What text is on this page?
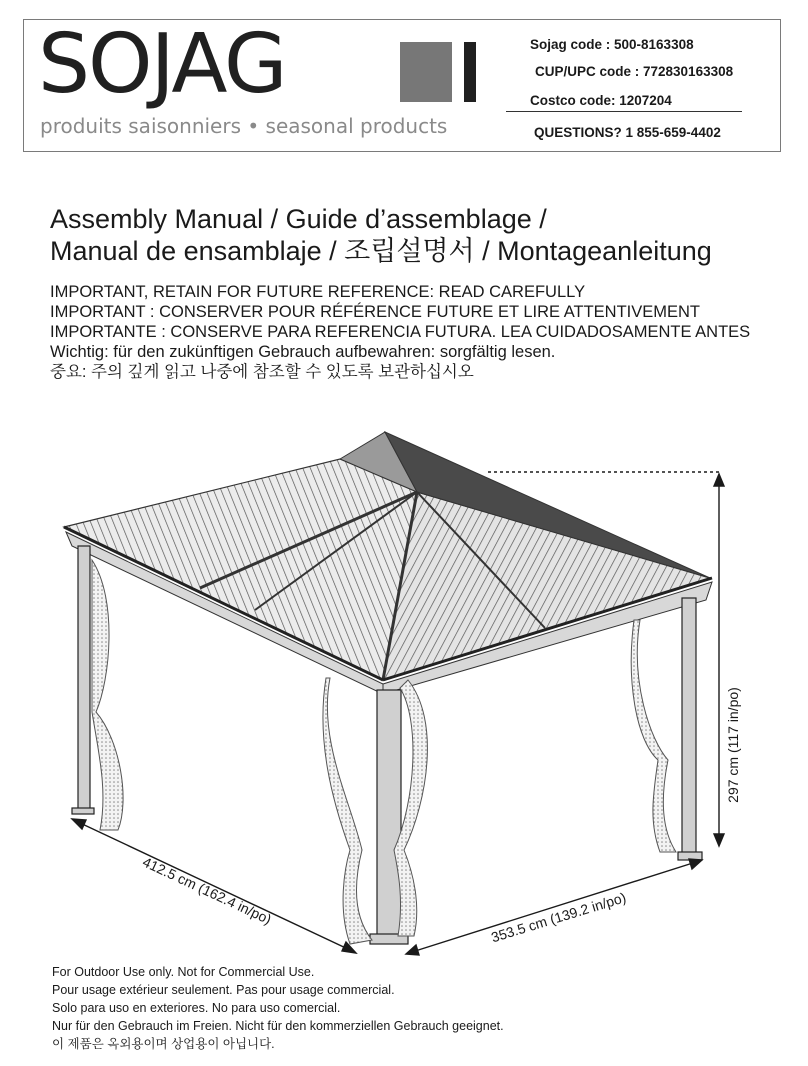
SOJAG
produits saisonniers • seasonal products
Sojag code : 500-8163308
CUP/UPC code : 772830163308
Costco code: 1207204
QUESTIONS? 1 855-659-4402
Assembly Manual / Guide d’assemblage /
Manual de ensamblaje / 조립설명서 / Montageanleitung
IMPORTANT, RETAIN FOR FUTURE REFERENCE: READ CAREFULLY
IMPORTANT : CONSERVER POUR RÉFÉRENCE FUTURE ET LIRE ATTENTIVEMENT
IMPORTANTE : CONSERVE PARA REFERENCIA FUTURA. LEA CUIDADOSAMENTE ANTES
Wichtig: für den zukünftigen Gebrauch aufbewahren: sorgfältig lesen.
중요: 주의 깊게 읽고 나중에 참조할 수 있도록 보관하십시오
297 cm (117 in/po)
412.5 cm (162.4 in/po)	353.5 cm (139.2 in/po)
For Outdoor Use only. Not for Commercial Use.
Pour usage extérieur seulement. Pas pour usage commercial.
Solo para uso en exteriores. No para uso comercial.
Nur für den Gebrauch im Freien. Nicht für den kommerziellen Gebrauch geeignet.
이 제품은 옥외용이며 상업용이 아닙니다.
